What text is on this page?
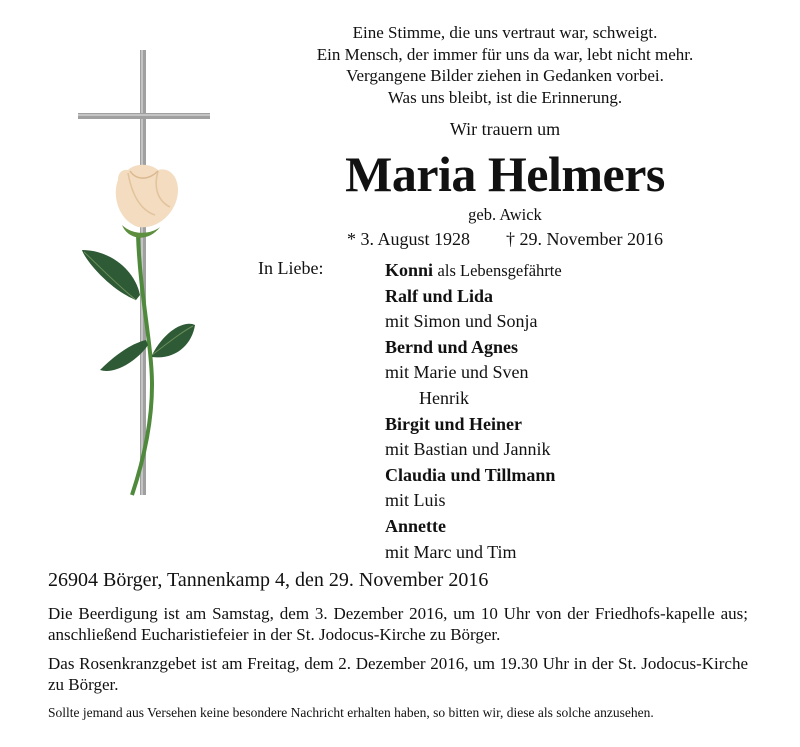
Eine Stimme, die uns vertraut war, schweigt.
Ein Mensch, der immer für uns da war, lebt nicht mehr.
Vergangene Bilder ziehen in Gedanken vorbei.
Was uns bleibt, ist die Erinnerung.
Wir trauern um
Maria Helmers
geb. Awick
* 3. August 1928 † 29. November 2016
In Liebe:	Konni als Lebensgefährte
Ralf und Lida
mit Simon und Sonja
Bernd und Agnes
mit Marie und Sven
Henrik
Birgit und Heiner
mit Bastian und Jannik
Claudia und Tillmann
mit Luis
Annette
mit Marc und Tim
26904 Börger, Tannenkamp 4, den 29. November 2016
Die Beerdigung ist am Samstag, dem 3. Dezember 2016, um 10 Uhr von der Friedhofs-kapelle aus; anschließend Eucharistiefeier in der St. Jodocus-Kirche zu Börger.
Das Rosenkranzgebet ist am Freitag, dem 2. Dezember 2016, um 19.30 Uhr in der St. Jodocus-Kirche zu Börger.
Sollte jemand aus Versehen keine besondere Nachricht erhalten haben, so bitten wir, diese als solche anzusehen.
